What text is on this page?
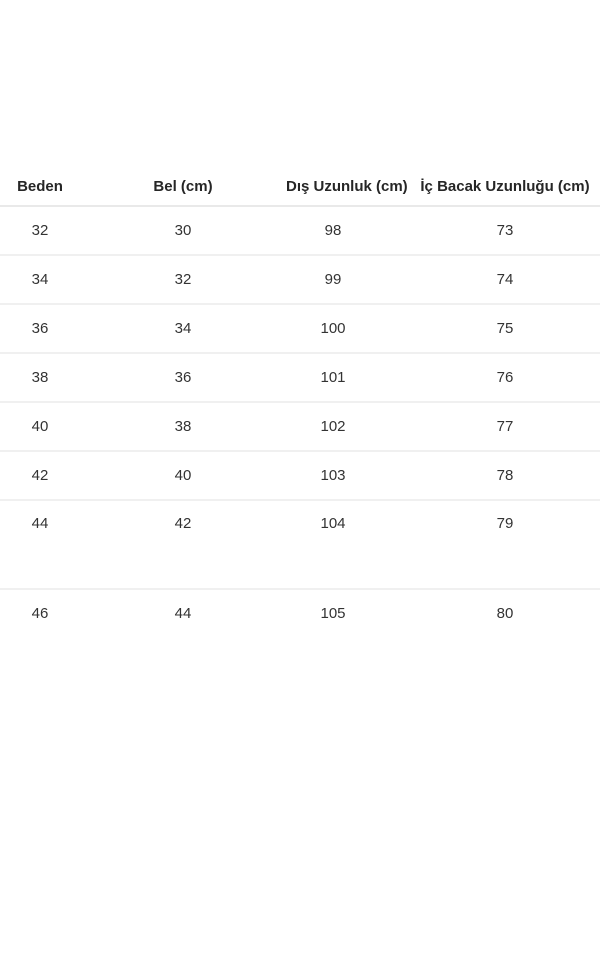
Beden	Bel (cm)	Dış Uzunluk (cm)	İç Bacak Uzunluğu (cm)
32	30	98	73
34	32	99	74
36	34	100	75
38	36	101	76
40	38	102	77
42	40	103	78
44	42	104	79
46	44	105	80
